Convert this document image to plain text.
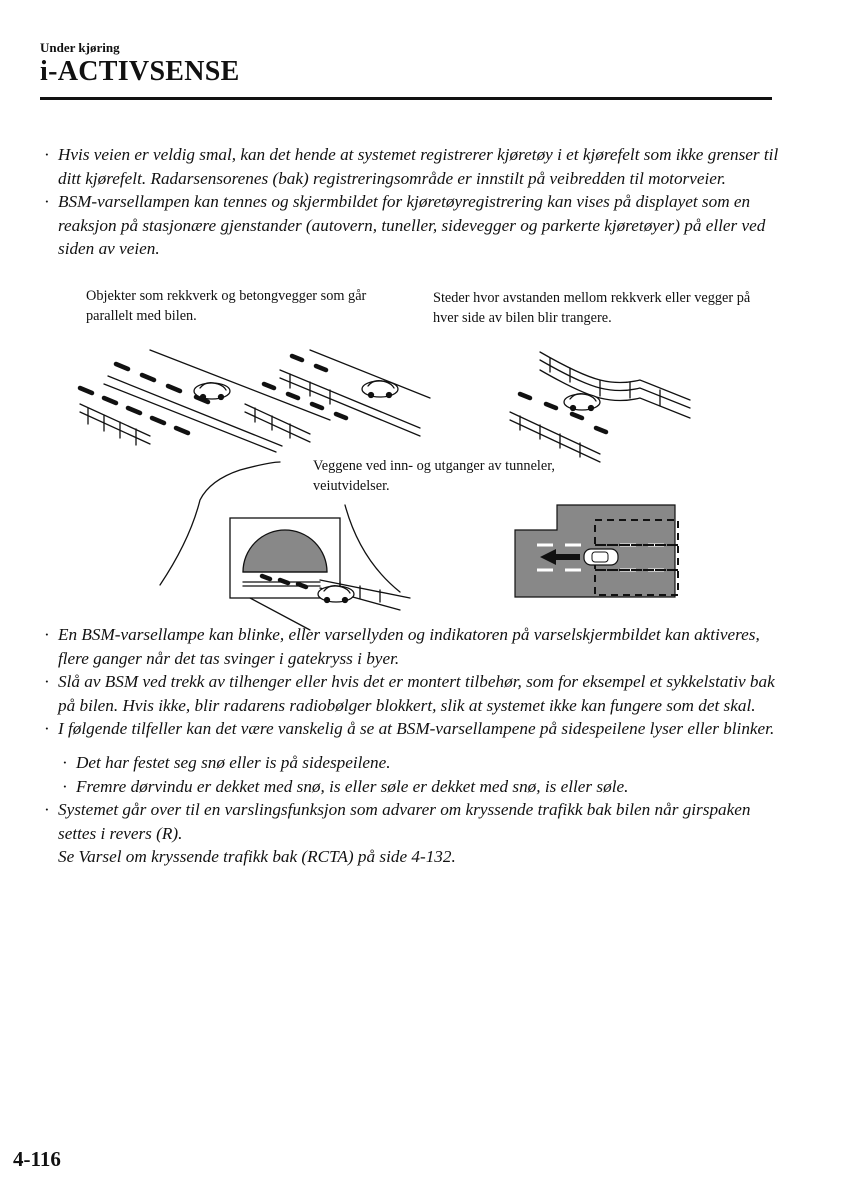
Under kjøring
i-ACTIVSENSE
· Hvis veien er veldig smal, kan det hende at systemet registrerer kjøretøy i et kjørefelt som ikke grenser til ditt kjørefelt. Radarsensorenes (bak) registreringsområde er innstilt på veibredden til motorveier.
· BSM-varsellampen kan tennes og skjermbildet for kjøretøyregistrering kan vises på displayet som en reaksjon på stasjonære gjenstander (autovern, tuneller, sidevegger og parkerte kjøretøyer) på eller ved siden av veien.
Objekter som rekkverk og betongvegger som går parallelt med bilen.
Steder hvor avstanden mellom rekkverk eller vegger på hver side av bilen blir trangere.
Veggene ved inn- og utganger av tunneler, veiutvidelser.
· En BSM-varsellampe kan blinke, eller varsellyden og indikatoren på varselskjermbildet kan aktiveres, flere ganger når det tas svinger i gatekryss i byer.
· Slå av BSM ved trekk av tilhenger eller hvis det er montert tilbehør, som for eksempel et sykkelstativ bak på bilen. Hvis ikke, blir radarens radiobølger blokkert, slik at systemet ikke kan fungere som det skal.
· I følgende tilfeller kan det være vanskelig å se at BSM-varsellampene på sidespeilene lyser eller blinker.
· Det har festet seg snø eller is på sidespeilene.
· Fremre dørvindu er dekket med snø, is eller søle er dekket med snø, is eller søle.
· Systemet går over til en varslingsfunksjon som advarer om kryssende trafikk bak bilen når girspaken settes i revers (R).
Se Varsel om kryssende trafikk bak (RCTA) på side 4-132.
4-116
